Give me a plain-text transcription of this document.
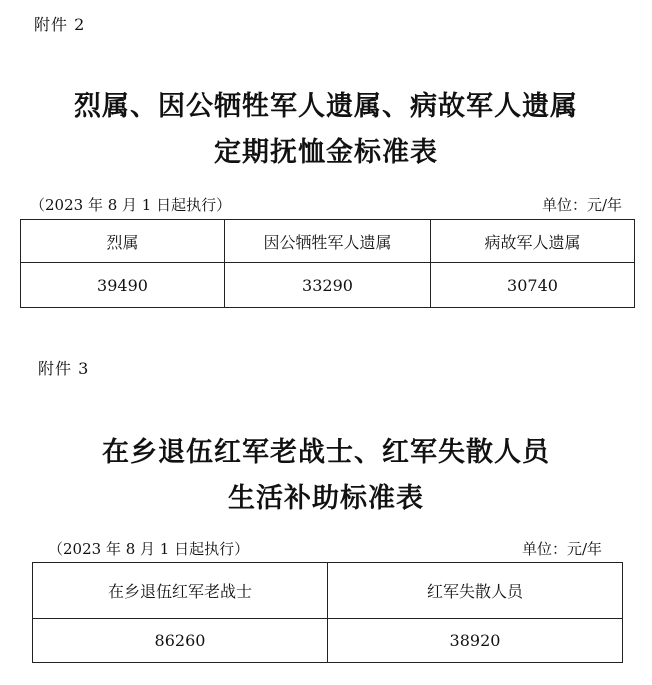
附件 2
烈属、因公牺牲军人遗属、病故军人遗属
定期抚恤金标准表
（2023 年 8 月 1 日起执行）	单位：元/年
烈属	因公牺牲军人遗属	病故军人遗属
39490	33290	30740
附件 3
在乡退伍红军老战士、红军失散人员
生活补助标准表
（2023 年 8 月 1 日起执行）	单位：元/年
在乡退伍红军老战士	红军失散人员
86260	38920
